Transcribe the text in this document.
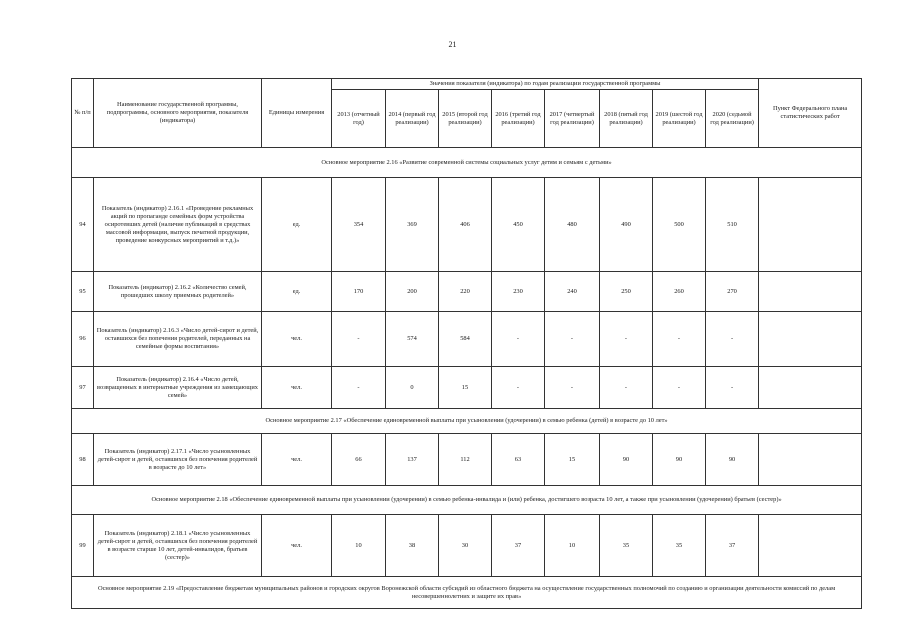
21
№ п/п	Наименование государственной программы, подпрограммы, основного мероприятия, показателя (индикатора)	Единицы измерения	Значения показателя (индикатора) по годам реализации государственной программы								Пункт Федерального плана статистических работ
			2013 (отчетный год)	2014 (первый год реализации)	2015 (второй год реализации)	2016 (третий год реализации)	2017 (четвертый год реализации)	2018 (пятый год реализации)	2019 (шестой год реализации)	2020 (седьмой год реализации)	
Основное мероприятие 2.16 «Развитие современной системы социальных услуг детям и семьям с детьми»											
94	Показатель (индикатор) 2.16.1 «Проведение рекламных акций по пропаганде семейных форм устройства осиротевших детей (наличие публикаций в средствах массовой информации, выпуск печатной продукции, проведение конкурсных мероприятий и т.д.)»	ед.	354	369	406	450	480	490	500	510	
95	Показатель (индикатор) 2.16.2 «Количество семей, прошедших школу приемных родителей»	ед.	170	200	220	230	240	250	260	270	
96	Показатель (индикатор) 2.16.3 «Число детей-сирот и детей, оставшихся без попечения родителей, переданных на семейные формы воспитания»	чел.	-	574	584	-	-	-	-	-	
97	Показатель (индикатор) 2.16.4 «Число детей, возвращенных в интернатные учреждения из замещающих семей»	чел.	-	0	15	-	-	-	-	-	
Основное мероприятие 2.17 «Обеспечение единовременной выплаты при усыновлении (удочерении) в семью ребенка (детей) в возрасте до 10 лет»											
98	Показатель (индикатор) 2.17.1 «Число усыновленных детей-сирот и детей, оставшихся без попечения родителей в возрасте до 10 лет»	чел.	66	137	112	63	15	90	90	90	
Основное мероприятие 2.18 «Обеспечение единовременной выплаты при усыновлении (удочерении) в семью ребенка-инвалида и (или) ребенка, достигшего возраста 10 лет, а также при усыновлении (удочерении) братьев (сестер)»											
99	Показатель (индикатор) 2.18.1 «Число усыновленных детей-сирот и детей, оставшихся без попечения родителей в возрасте старше 10 лет, детей-инвалидов, братьев (сестер)»	чел.	10	38	30	37	10	35	35	37	
Основное мероприятие 2.19 «Предоставление бюджетам муниципальных районов и городских округов Воронежской области субсидий из областного бюджета на осуществление государственных полномочий по созданию и организации деятельности комиссий по делам несовершеннолетних и защите их прав»											
